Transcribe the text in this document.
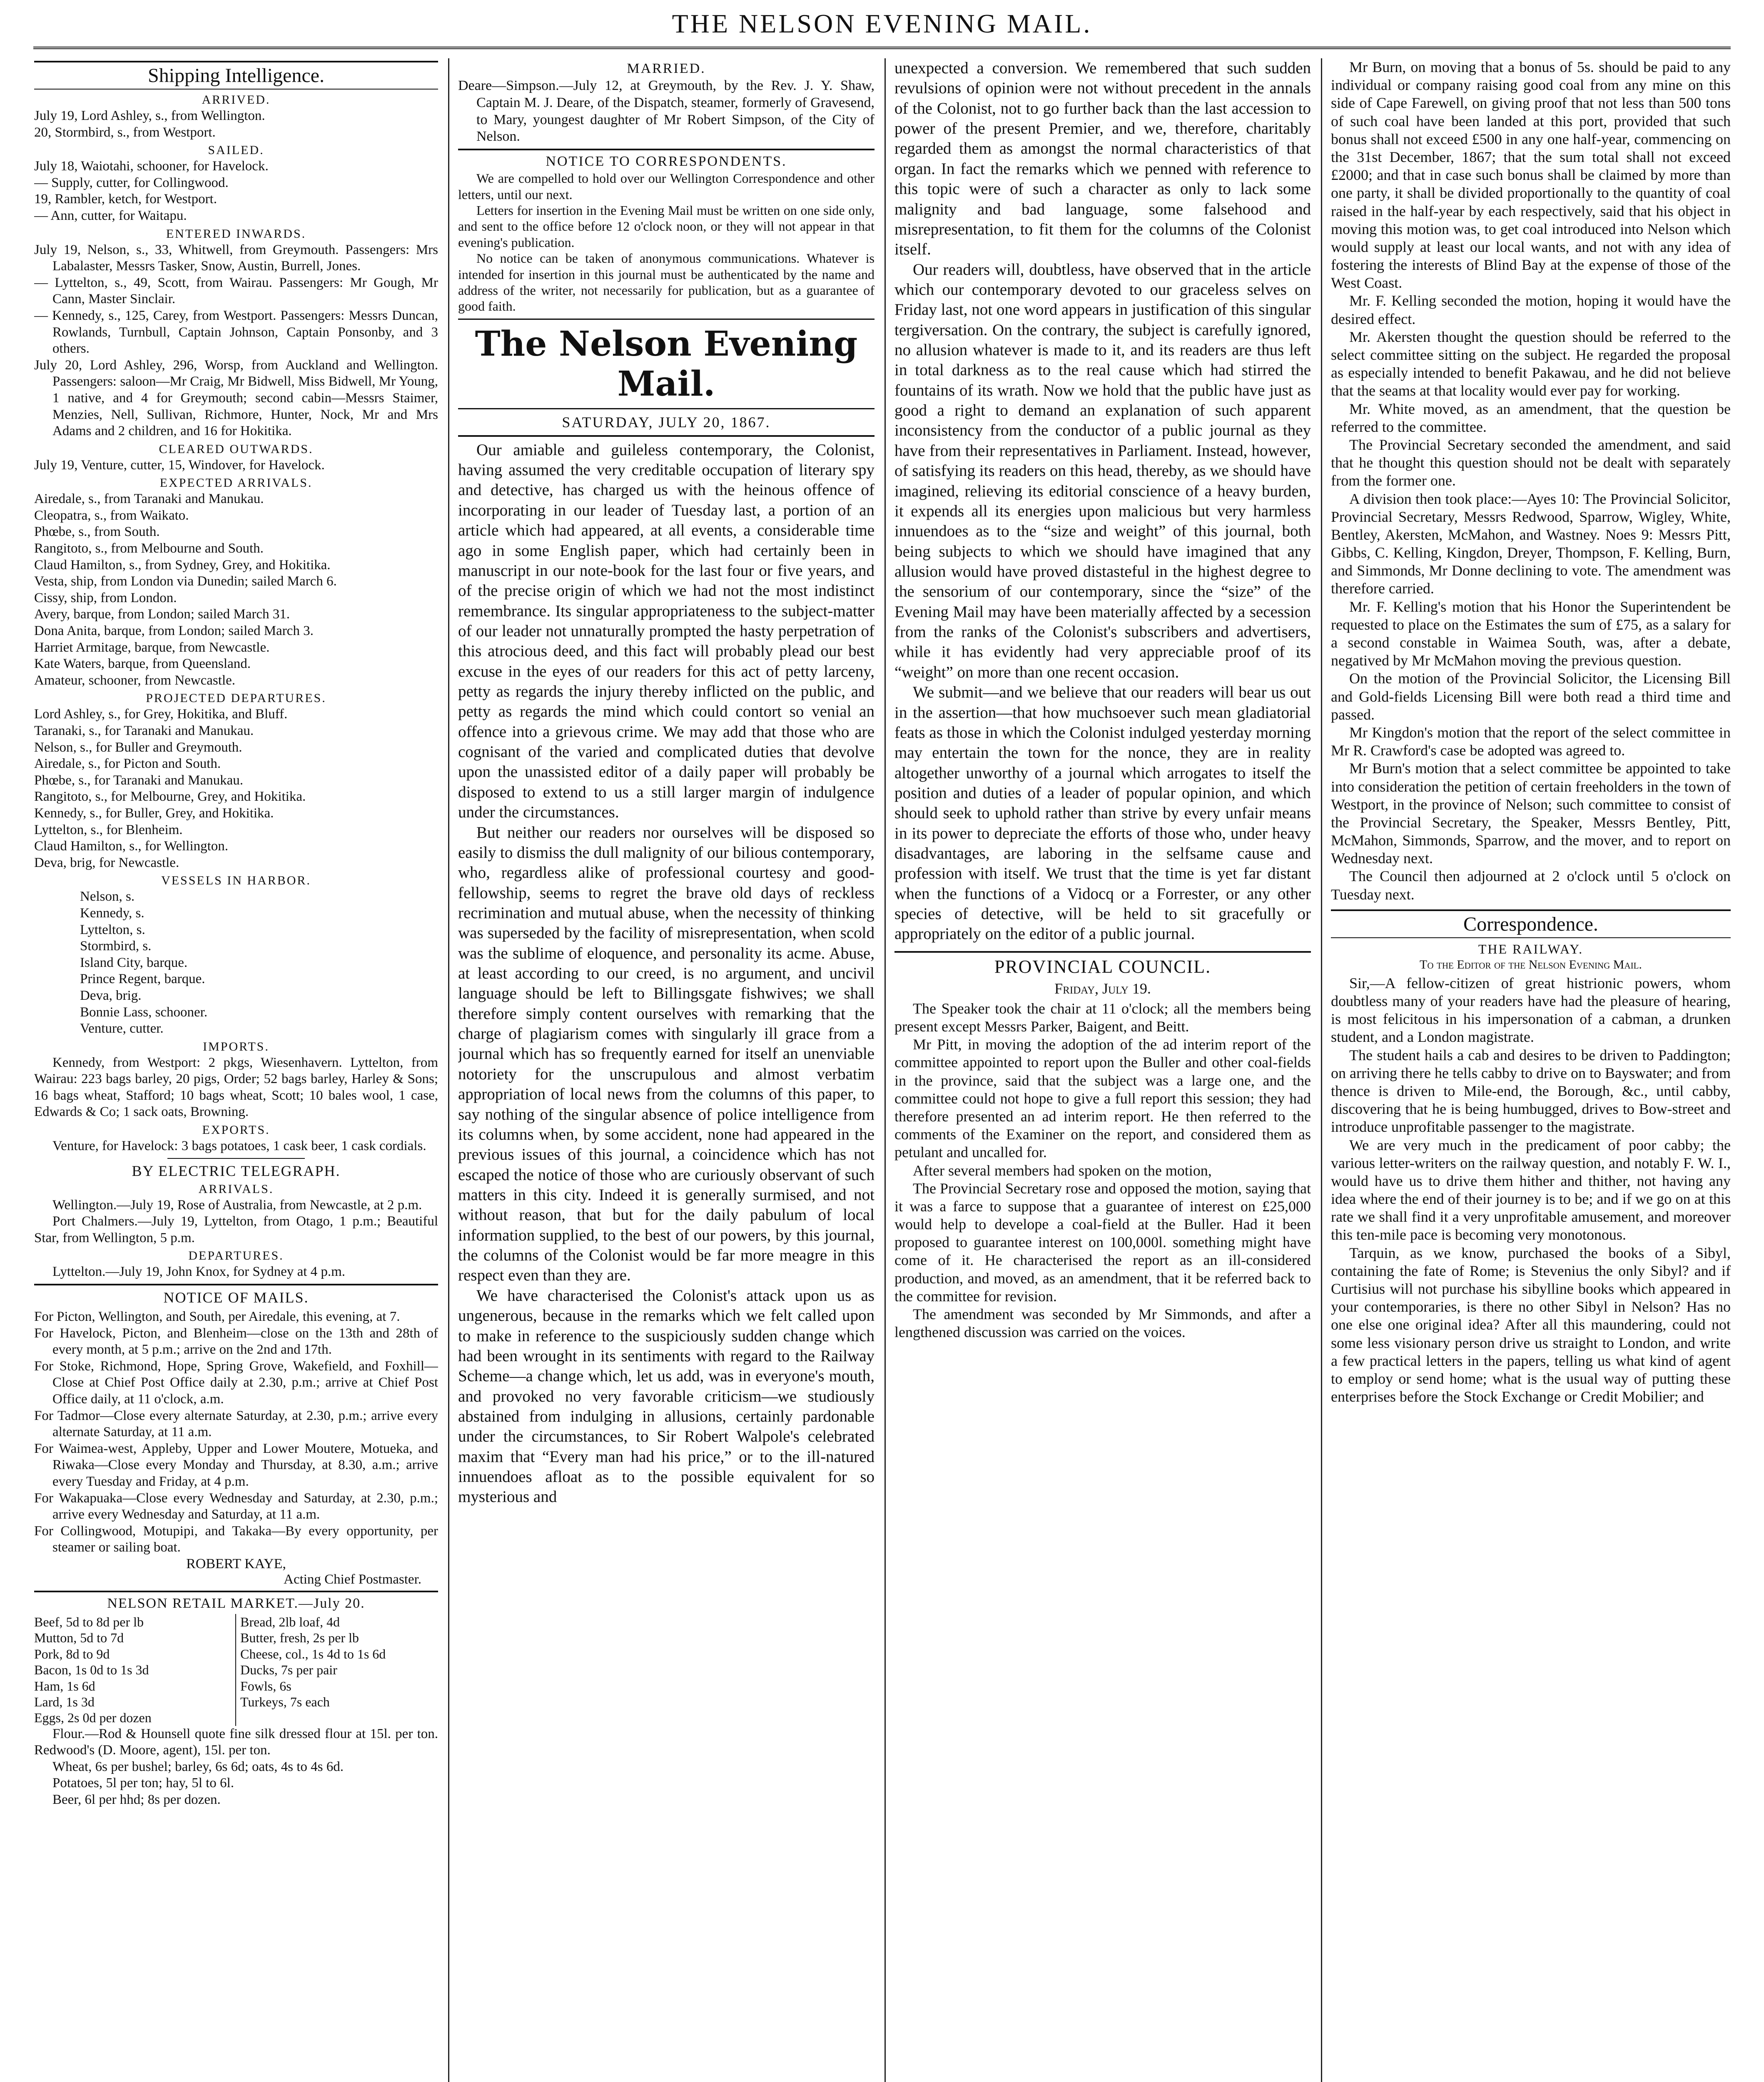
THE NELSON EVENING MAIL.
Shipping Intelligence.
ARRIVED.

July 19, Lord Ashley, s., from Wellington.

20, Stormbird, s., from Westport.

SAILED.

July 18, Waiotahi, schooner, for Havelock.

— Supply, cutter, for Collingwood.

19, Rambler, ketch, for Westport.

— Ann, cutter, for Waitapu.

ENTERED INWARDS.

July 19, Nelson, s., 33, Whitwell, from Greymouth. Passengers: Mrs Labalaster, Messrs Tasker, Snow, Austin, Burrell, Jones.

— Lyttelton, s., 49, Scott, from Wairau. Passengers: Mr Gough, Mr Cann, Master Sinclair.

— Kennedy, s., 125, Carey, from Westport. Passengers: Messrs Duncan, Rowlands, Turnbull, Captain Johnson, Captain Ponsonby, and 3 others.

July 20, Lord Ashley, 296, Worsp, from Auckland and Wellington. Passengers: saloon—Mr Craig, Mr Bidwell, Miss Bidwell, Mr Young, 1 native, and 4 for Greymouth; second cabin—Messrs Staimer, Menzies, Nell, Sullivan, Richmore, Hunter, Nock, Mr and Mrs Adams and 2 children, and 16 for Hokitika.

CLEARED OUTWARDS.

July 19, Venture, cutter, 15, Windover, for Havelock.

EXPECTED ARRIVALS.

Airedale, s., from Taranaki and Manukau.

Cleopatra, s., from Waikato.

Phœbe, s., from South.

Rangitoto, s., from Melbourne and South.

Claud Hamilton, s., from Sydney, Grey, and Hokitika.

Vesta, ship, from London via Dunedin; sailed March 6.

Cissy, ship, from London.

Avery, barque, from London; sailed March 31.

Dona Anita, barque, from London; sailed March 3.

Harriet Armitage, barque, from Newcastle.

Kate Waters, barque, from Queensland.

Amateur, schooner, from Newcastle.

PROJECTED DEPARTURES.

Lord Ashley, s., for Grey, Hokitika, and Bluff.

Taranaki, s., for Taranaki and Manukau.

Nelson, s., for Buller and Greymouth.

Airedale, s., for Picton and South.

Phœbe, s., for Taranaki and Manukau.

Rangitoto, s., for Melbourne, Grey, and Hokitika.

Kennedy, s., for Buller, Grey, and Hokitika.

Lyttelton, s., for Blenheim.

Claud Hamilton, s., for Wellington.

Deva, brig, for Newcastle.

VESSELS IN HARBOR.

Nelson, s.

Kennedy, s.

Lyttelton, s.

Stormbird, s.

Island City, barque.

Prince Regent, barque.

Deva, brig.

Bonnie Lass, schooner.

Venture, cutter.

IMPORTS.

Kennedy, from Westport: 2 pkgs, Wiesenhavern. Lyttelton, from Wairau: 223 bags barley, 20 pigs, Order; 52 bags barley, Harley & Sons; 16 bags wheat, Stafford; 10 bags wheat, Scott; 10 bales wool, 1 case, Edwards & Co; 1 sack oats, Browning.

EXPORTS.

Venture, for Havelock: 3 bags potatoes, 1 cask beer, 1 cask cordials.

BY ELECTRIC TELEGRAPH.
ARRIVALS.

Wellington.—July 19, Rose of Australia, from Newcastle, at 2 p.m.

Port Chalmers.—July 19, Lyttelton, from Otago, 1 p.m.; Beautiful Star, from Wellington, 5 p.m.

DEPARTURES.

Lyttelton.—July 19, John Knox, for Sydney at 4 p.m.

NOTICE OF MAILS.

For Picton, Wellington, and South, per Airedale, this evening, at 7.

For Havelock, Picton, and Blenheim—close on the 13th and 28th of every month, at 5 p.m.; arrive on the 2nd and 17th.

For Stoke, Richmond, Hope, Spring Grove, Wakefield, and Foxhill—Close at Chief Post Office daily at 2.30, p.m.; arrive at Chief Post Office daily, at 11 o'clock, a.m.

For Tadmor—Close every alternate Saturday, at 2.30, p.m.; arrive every alternate Saturday, at 11 a.m.

For Waimea-west, Appleby, Upper and Lower Moutere, Motueka, and Riwaka—Close every Monday and Thursday, at 8.30, a.m.; arrive every Tuesday and Friday, at 4 p.m.

For Wakapuaka—Close every Wednesday and Saturday, at 2.30, p.m.; arrive every Wednesday and Saturday, at 11 a.m.

For Collingwood, Motupipi, and Takaka—By every opportunity, per steamer or sailing boat.

ROBERT KAYE,
Acting Chief Postmaster.
NELSON RETAIL MARKET.—July 20.
Beef, 5d to 8d per lb
Mutton, 5d to 7d
Pork, 8d to 9d
Bacon, 1s 0d to 1s 3d
Ham, 1s 6d
Lard, 1s 3d
Eggs, 2s 0d per dozen
Bread, 2lb loaf, 4d
Butter, fresh, 2s per lb
Cheese, col., 1s 4d to 1s 6d
Ducks, 7s per pair
Fowls, 6s
Turkeys, 7s each

Flour.—Rod & Hounsell quote fine silk dressed flour at 15l. per ton. Redwood's (D. Moore, agent), 15l. per ton.

Wheat, 6s per bushel; barley, 6s 6d; oats, 4s to 4s 6d.

Potatoes, 5l per ton; hay, 5l to 6l.

Beer, 6l per hhd; 8s per dozen.

MARRIED.

Deare—Simpson.—July 12, at Greymouth, by the Rev. J. Y. Shaw, Captain M. J. Deare, of the Dispatch, steamer, formerly of Gravesend, to Mary, youngest daughter of Mr Robert Simpson, of the City of Nelson.

NOTICE TO CORRESPONDENTS.

We are compelled to hold over our Wellington Correspondence and other letters, until our next.

Letters for insertion in the Evening Mail must be written on one side only, and sent to the office before 12 o'clock noon, or they will not appear in that evening's publication.

No notice can be taken of anonymous communications. Whatever is intended for insertion in this journal must be authenticated by the name and address of the writer, not necessarily for publication, but as a guarantee of good faith.

The Nelson Evening Mail.
SATURDAY, JULY 20, 1867.

Our amiable and guileless contemporary, the Colonist, having assumed the very creditable occupation of literary spy and detective, has charged us with the heinous offence of incorporating in our leader of Tuesday last, a portion of an article which had appeared, at all events, a considerable time ago in some English paper, which had certainly been in manuscript in our note-book for the last four or five years, and of the precise origin of which we had not the most indistinct remembrance. Its singular appropriateness to the subject-matter of our leader not unnaturally prompted the hasty perpetration of this atrocious deed, and this fact will probably plead our best excuse in the eyes of our readers for this act of petty larceny, petty as regards the injury thereby inflicted on the public, and petty as regards the mind which could contort so venial an offence into a grievous crime. We may add that those who are cognisant of the varied and complicated duties that devolve upon the unassisted editor of a daily paper will probably be disposed to extend to us a still larger margin of indulgence under the circumstances.

But neither our readers nor ourselves will be disposed so easily to dismiss the dull malignity of our bilious contemporary, who, regardless alike of professional courtesy and good-fellowship, seems to regret the brave old days of reckless recrimination and mutual abuse, when the necessity of thinking was superseded by the facility of misrepresentation, when scold was the sublime of eloquence, and personality its acme. Abuse, at least according to our creed, is no argument, and uncivil language should be left to Billingsgate fishwives; we shall therefore simply content ourselves with remarking that the charge of plagiarism comes with singularly ill grace from a journal which has so frequently earned for itself an unenviable notoriety for the unscrupulous and almost verbatim appropriation of local news from the columns of this paper, to say nothing of the singular absence of police intelligence from its columns when, by some accident, none had appeared in the previous issues of this journal, a coincidence which has not escaped the notice of those who are curiously observant of such matters in this city. Indeed it is generally surmised, and not without reason, that but for the daily pabulum of local information supplied, to the best of our powers, by this journal, the columns of the Colonist would be far more meagre in this respect even than they are.

We have characterised the Colonist's attack upon us as ungenerous, because in the remarks which we felt called upon to make in reference to the suspiciously sudden change which had been wrought in its sentiments with regard to the Railway Scheme—a change which, let us add, was in everyone's mouth, and provoked no very favorable criticism—we studiously abstained from indulging in allusions, certainly pardonable under the circumstances, to Sir Robert Walpole's celebrated maxim that “Every man had his price,” or to the ill-natured innuendoes afloat as to the possible equivalent for so mysterious and

unexpected a conversion. We remembered that such sudden revulsions of opinion were not without precedent in the annals of the Colonist, not to go further back than the last accession to power of the present Premier, and we, therefore, charitably regarded them as amongst the normal characteristics of that organ. In fact the remarks which we penned with reference to this topic were of such a character as only to lack some malignity and bad language, some falsehood and misrepresentation, to fit them for the columns of the Colonist itself.

Our readers will, doubtless, have observed that in the article which our contemporary devoted to our graceless selves on Friday last, not one word appears in justification of this singular tergiversation. On the contrary, the subject is carefully ignored, no allusion whatever is made to it, and its readers are thus left in total darkness as to the real cause which had stirred the fountains of its wrath. Now we hold that the public have just as good a right to demand an explanation of such apparent inconsistency from the conductor of a public journal as they have from their representatives in Parliament. Instead, however, of satisfying its readers on this head, thereby, as we should have imagined, relieving its editorial conscience of a heavy burden, it expends all its energies upon malicious but very harmless innuendoes as to the “size and weight” of this journal, both being subjects to which we should have imagined that any allusion would have proved distasteful in the highest degree to the sensorium of our contemporary, since the “size” of the Evening Mail may have been materially affected by a secession from the ranks of the Colonist's subscribers and advertisers, while it has evidently had very appreciable proof of its “weight” on more than one recent occasion.

We submit—and we believe that our readers will bear us out in the assertion—that how muchsoever such mean gladiatorial feats as those in which the Colonist indulged yesterday morning may entertain the town for the nonce, they are in reality altogether unworthy of a journal which arrogates to itself the position and duties of a leader of popular opinion, and which should seek to uphold rather than strive by every unfair means in its power to depreciate the efforts of those who, under heavy disadvantages, are laboring in the selfsame cause and profession with itself. We trust that the time is yet far distant when the functions of a Vidocq or a Forrester, or any other species of detective, will be held to sit gracefully or appropriately on the editor of a public journal.

PROVINCIAL COUNCIL.
Friday, July 19.

The Speaker took the chair at 11 o'clock; all the members being present except Messrs Parker, Baigent, and Beitt.

Mr Pitt, in moving the adoption of the ad interim report of the committee appointed to report upon the Buller and other coal-fields in the province, said that the subject was a large one, and the committee could not hope to give a full report this session; they had therefore presented an ad interim report. He then referred to the comments of the Examiner on the report, and considered them as petulant and uncalled for.

After several members had spoken on the motion,

The Provincial Secretary rose and opposed the motion, saying that it was a farce to suppose that a guarantee of interest on £25,000 would help to develope a coal-field at the Buller. Had it been proposed to guarantee interest on 100,000l. something might have come of it. He characterised the report as an ill-considered production, and moved, as an amendment, that it be referred back to the committee for revision.

The amendment was seconded by Mr Simmonds, and after a lengthened discussion was carried on the voices.

Mr Burn, on moving that a bonus of 5s. should be paid to any individual or company raising good coal from any mine on this side of Cape Farewell, on giving proof that not less than 500 tons of such coal have been landed at this port, provided that such bonus shall not exceed £500 in any one half-year, commencing on the 31st December, 1867; that the sum total shall not exceed £2000; and that in case such bonus shall be claimed by more than one party, it shall be divided proportionally to the quantity of coal raised in the half-year by each respectively, said that his object in moving this motion was, to get coal introduced into Nelson which would supply at least our local wants, and not with any idea of fostering the interests of Blind Bay at the expense of those of the West Coast.

Mr. F. Kelling seconded the motion, hoping it would have the desired effect.

Mr. Akersten thought the question should be referred to the select committee sitting on the subject. He regarded the proposal as especially intended to benefit Pakawau, and he did not believe that the seams at that locality would ever pay for working.

Mr. White moved, as an amendment, that the question be referred to the committee.

The Provincial Secretary seconded the amendment, and said that he thought this question should not be dealt with separately from the former one.

A division then took place:—Ayes 10: The Provincial Solicitor, Provincial Secretary, Messrs Redwood, Sparrow, Wigley, White, Bentley, Akersten, McMahon, and Wastney. Noes 9: Messrs Pitt, Gibbs, C. Kelling, Kingdon, Dreyer, Thompson, F. Kelling, Burn, and Simmonds, Mr Donne declining to vote. The amendment was therefore carried.

Mr. F. Kelling's motion that his Honor the Superintendent be requested to place on the Estimates the sum of £75, as a salary for a second constable in Waimea South, was, after a debate, negatived by Mr McMahon moving the previous question.

On the motion of the Provincial Solicitor, the Licensing Bill and Gold-fields Licensing Bill were both read a third time and passed.

Mr Kingdon's motion that the report of the select committee in Mr R. Crawford's case be adopted was agreed to.

Mr Burn's motion that a select committee be appointed to take into consideration the petition of certain freeholders in the town of Westport, in the province of Nelson; such committee to consist of the Provincial Secretary, the Speaker, Messrs Bentley, Pitt, McMahon, Simmonds, Sparrow, and the mover, and to report on Wednesday next.

The Council then adjourned at 2 o'clock until 5 o'clock on Tuesday next.

Correspondence.
THE RAILWAY.
To the Editor of the Nelson Evening Mail.

Sir,—A fellow-citizen of great histrionic powers, whom doubtless many of your readers have had the pleasure of hearing, is most felicitous in his impersonation of a cabman, a drunken student, and a London magistrate.

The student hails a cab and desires to be driven to Paddington; on arriving there he tells cabby to drive on to Bayswater; and from thence is driven to Mile-end, the Borough, &c., until cabby, discovering that he is being humbugged, drives to Bow-street and introduce unprofitable passenger to the magistrate.

We are very much in the predicament of poor cabby; the various letter-writers on the railway question, and notably F. W. I., would have us to drive them hither and thither, not having any idea where the end of their journey is to be; and if we go on at this rate we shall find it a very unprofitable amusement, and moreover this ten-mile pace is becoming very monotonous.

Tarquin, as we know, purchased the books of a Sibyl, containing the fate of Rome; is Stevenius the only Sibyl? and if Curtisius will not purchase his sibylline books which appeared in your contemporaries, is there no other Sibyl in Nelson? Has no one else one original idea? After all this maundering, could not some less visionary person drive us straight to London, and write a few practical letters in the papers, telling us what kind of agent to employ or send home; what is the usual way of putting these enterprises before the Stock Exchange or Credit Mobilier; and
